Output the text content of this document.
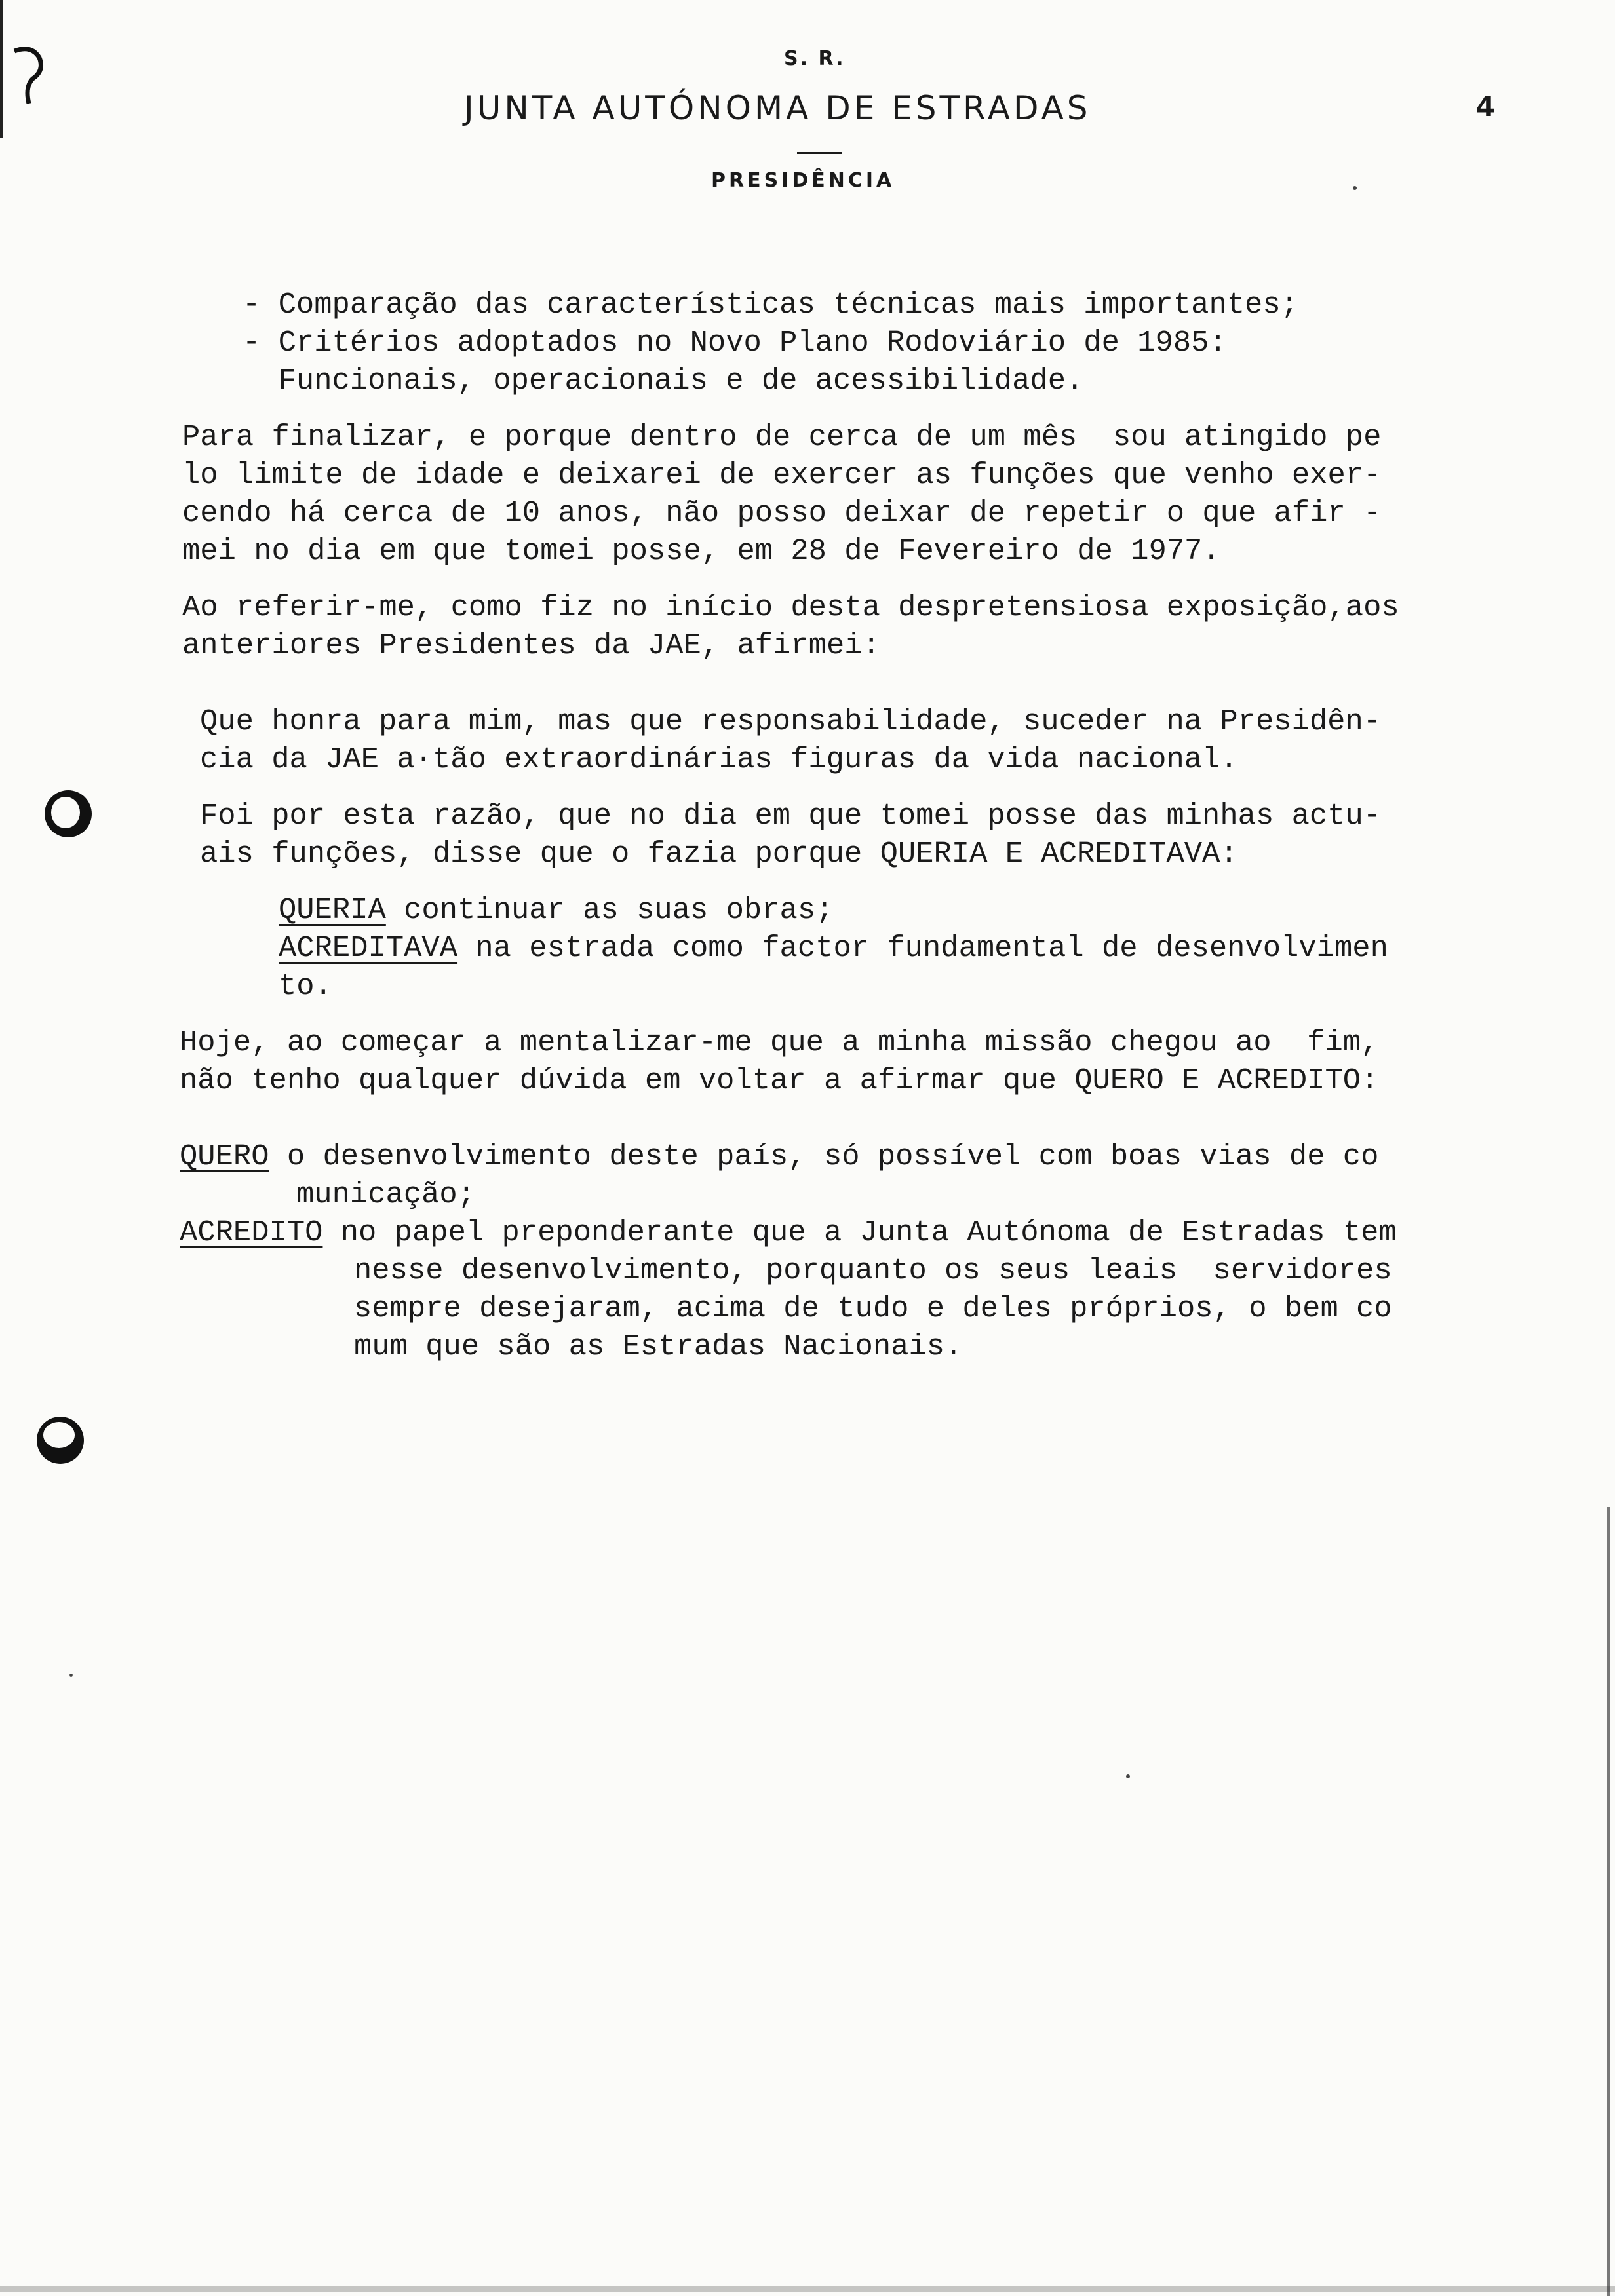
S. R.
JUNTA AUTÓNOMA DE ESTRADAS
PRESIDÊNCIA
4
- Comparação das características técnicas mais importantes;
- Critérios adoptados no Novo Plano Rodoviário de 1985:
Funcionais, operacionais e de acessibilidade.
Para finalizar, e porque dentro de cerca de um mês  sou atingido pe
lo limite de idade e deixarei de exercer as funções que venho exer-
cendo há cerca de 10 anos, não posso deixar de repetir o que afir -
mei no dia em que tomei posse, em 28 de Fevereiro de 1977.
Ao referir-me, como fiz no início desta despretensiosa exposição,aos
anteriores Presidentes da JAE, afirmei:
Que honra para mim, mas que responsabilidade, suceder na Presidên-
cia da JAE a·tão extraordinárias figuras da vida nacional.
Foi por esta razão, que no dia em que tomei posse das minhas actu-
ais funções, disse que o fazia porque QUERIA E ACREDITAVA:
QUERIA continuar as suas obras;
ACREDITAVA na estrada como factor fundamental de desenvolvimen
to.
Hoje, ao começar a mentalizar-me que a minha missão chegou ao  fim,
não tenho qualquer dúvida em voltar a afirmar que QUERO E ACREDITO:
QUERO o desenvolvimento deste país, só possível com boas vias de co
municação;
ACREDITO no papel preponderante que a Junta Autónoma de Estradas tem
nesse desenvolvimento, porquanto os seus leais  servidores
sempre desejaram, acima de tudo e deles próprios, o bem co
mum que são as Estradas Nacionais.
